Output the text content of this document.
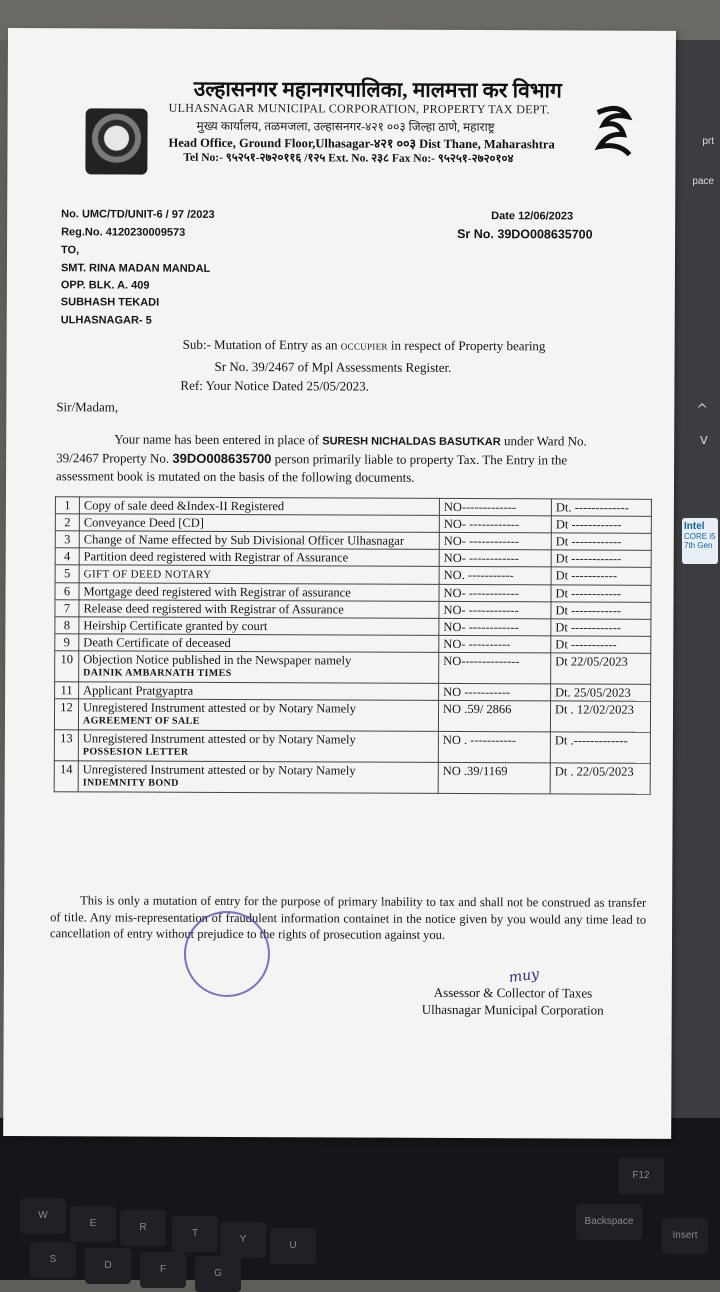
prt
pace
^
v
Intel
CORE i5
7th Gen
W
E	R
T
Y
U
S
D	F	G
F12
Backspace
Insert
उल्हासनगर महानगरपालिका, मालमत्ता कर विभाग
ULHASNAGAR MUNICIPAL CORPORATION, PROPERTY TAX DEPT.
मुख्य कार्यालय, तळमजला, उल्हासनगर-४२१ ००३ जिल्हा ठाणे, महाराष्ट्र
Head Office, Ground Floor,Ulhasagar-४२१ ००३ Dist Thane, Maharashtra
Tel No:- ९५२५१-२७२०११६ /१२५ Ext. No. २३८ Fax No:- ९५२५१-२७२०१०४
No. UMC/TD/UNIT-6 / 97 /2023	Date 12/06/2023
Reg.No. 4120230009573	Sr No. 39DO008635700
TO,
SMT. RINA MADAN MANDAL
OPP. BLK. A. 409
SUBHASH TEKADI
ULHASNAGAR- 5
Sub:- Mutation of Entry as an OCCUPIER in respect of Property bearing
Sr No. 39/2467 of Mpl Assessments Register.
Ref: Your Notice Dated 25/05/2023.
Sir/Madam,
Your name has been entered in place of SURESH NICHALDAS BASUTKAR under Ward No.
39/2467 Property No. 39DO008635700 person primarily liable to property Tax. The Entry in the
assessment book is mutated on the basis of the following documents.
1	Copy of sale deed &Index-II Registered	NO-------------	Dt. -------------
2	Conveyance Deed [CD]	NO- ------------	Dt ------------
3	Change of Name effected by Sub Divisional Officer Ulhasnagar	NO- ------------	Dt ------------
4	Partition deed registered with Registrar of Assurance	NO- ------------	Dt ------------
5	GIFT OF DEED NOTARY	NO. -----------	Dt -----------
6	Mortgage deed registered with Registrar of assurance	NO- ------------	Dt ------------
7	Release deed registered with Registrar of Assurance	NO- ------------	Dt ------------
8	Heirship Certificate granted by court	NO- ------------	Dt ------------
9	Death Certificate of deceased	NO- ----------	Dt -----------
10	Objection Notice published in the Newspaper namely
DAINIK AMBARNATH TIMES	NO--------------	Dt 22/05/2023
11	Applicant Pratgyaptra	NO -----------	Dt. 25/05/2023
12	Unregistered Instrument attested or by Notary Namely
AGREEMENT OF SALE	NO .59/ 2866	Dt . 12/02/2023
13	Unregistered Instrument attested or by Notary Namely
POSSESION LETTER	NO . -----------	Dt .-------------
14	Unregistered Instrument attested or by Notary Namely
INDEMNITY BOND	NO .39/1169	Dt . 22/05/2023
This is only a mutation of entry for the purpose of primary lnability to tax and shall not be construed as transfer of title. Any mis-representation of fraudulent information containet in the notice given by you would any time lead to cancellation of entry without prejudice to the rights of prosecution against you.
muy
Assessor & Collector of Taxes
Ulhasnagar Municipal Corporation
